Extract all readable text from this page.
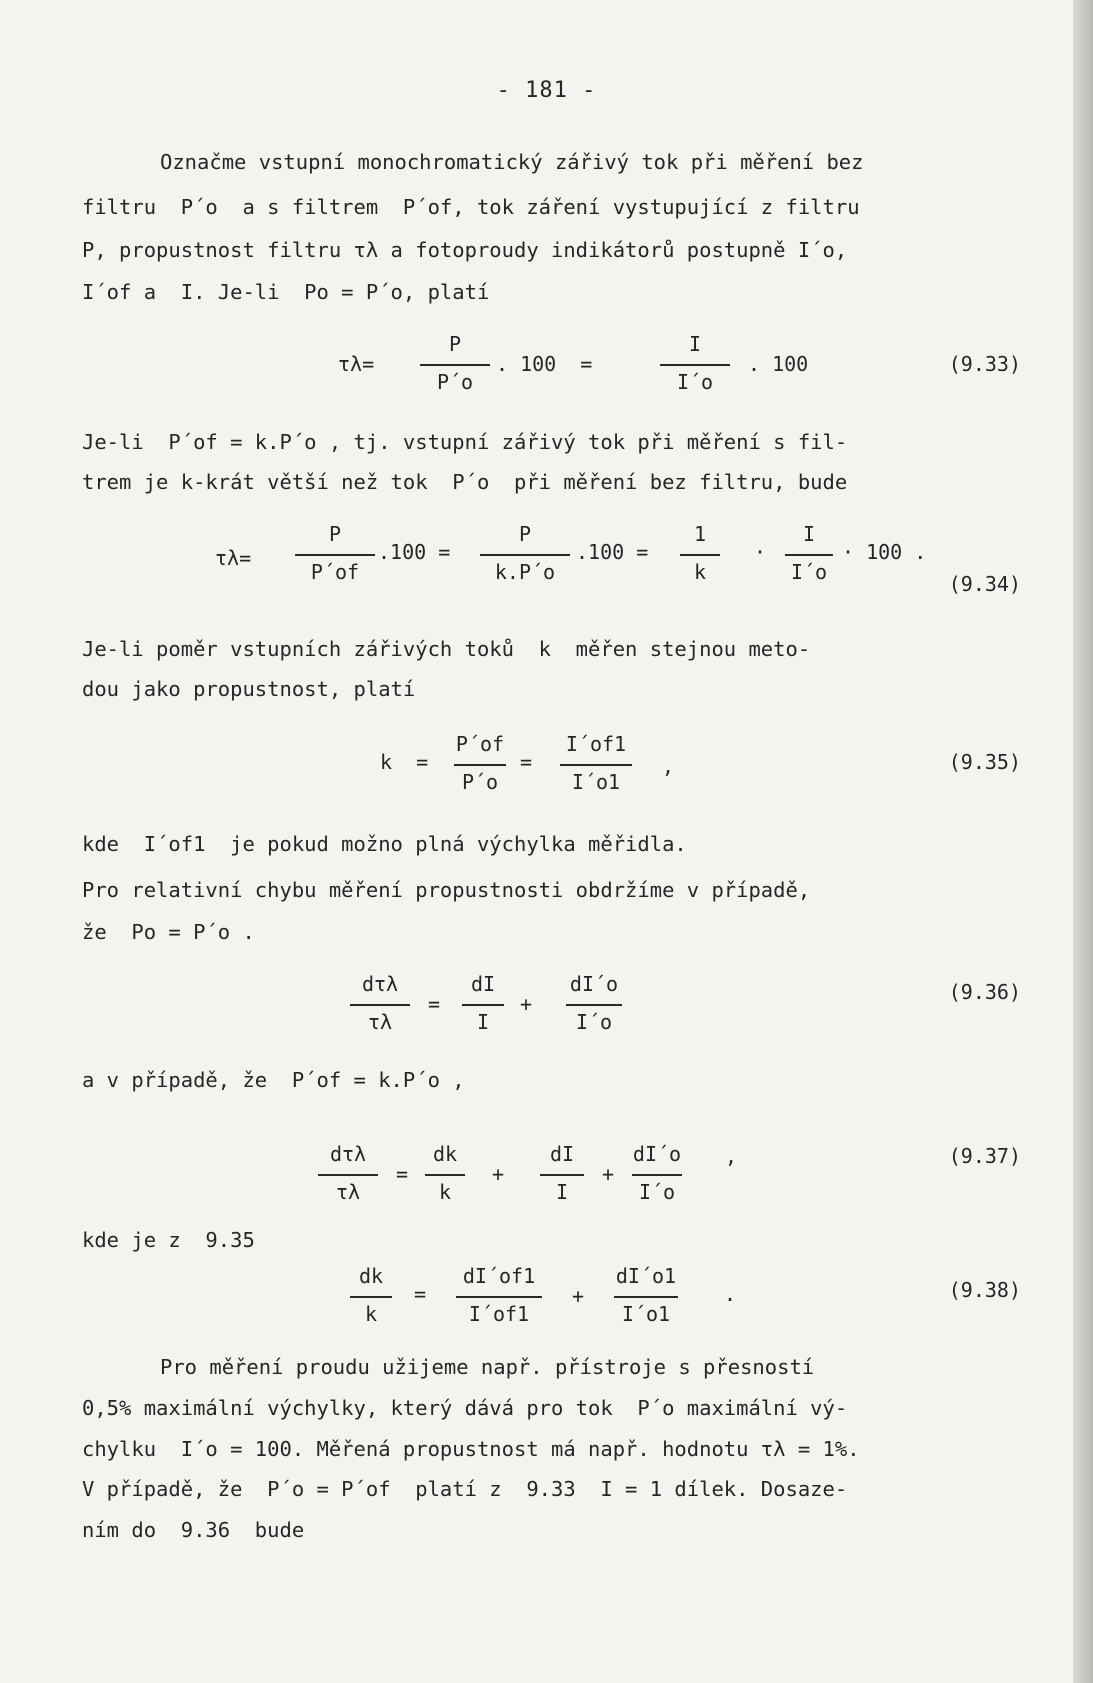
- 181 -
Označme vstupní monochromatický zářivý tok při měření bez
filtru  P´o  a s filtrem  P´of, tok záření vystupující z filtru
P, propustnost filtru τλ a fotoproudy indikátorů postupně I´o,
I´of a  I. Je-li  Po = P´o, platí
τλ=
P
P´o
. 100  =
I
I´o
. 100	(9.33)
Je-li  P´of = k.P´o , tj. vstupní zářivý tok při měření s fil-
trem je k-krát větší než tok  P´o  při měření bez filtru, bude
τλ=
P
P´of
.100 =
P
k.P´o
.100 =
1
k
·
I
I´o
· 100 .
(9.34)
Je-li poměr vstupních zářivých toků  k  měřen stejnou meto-
dou jako propustnost, platí
k  =
P´of
P´o
=
I´of1
I´o1
,	(9.35)
kde  I´of1  je pokud možno plná výchylka měřidla.
Pro relativní chybu měření propustnosti obdržíme v případě,
že  Po = P´o .
dτλ
τλ
=
dI
I
+
dI´o
I´o
(9.36)
a v případě, že  P´of = k.P´o ,
dτλ
τλ
=
dk
k
+
dI
I
+
dI´o
I´o
,	(9.37)
kde je z  9.35
dk
k
=
dI´of1
I´of1
+
dI´o1
I´o1
.	(9.38)
Pro měření proudu užijeme např. přístroje s přesností
0,5% maximální výchylky, který dává pro tok  P´o maximální vý-
chylku  I´o = 100. Měřená propustnost má např. hodnotu τλ = 1%.
V případě, že  P´o = P´of  platí z  9.33  I = 1 dílek. Dosaze-
ním do  9.36  bude
